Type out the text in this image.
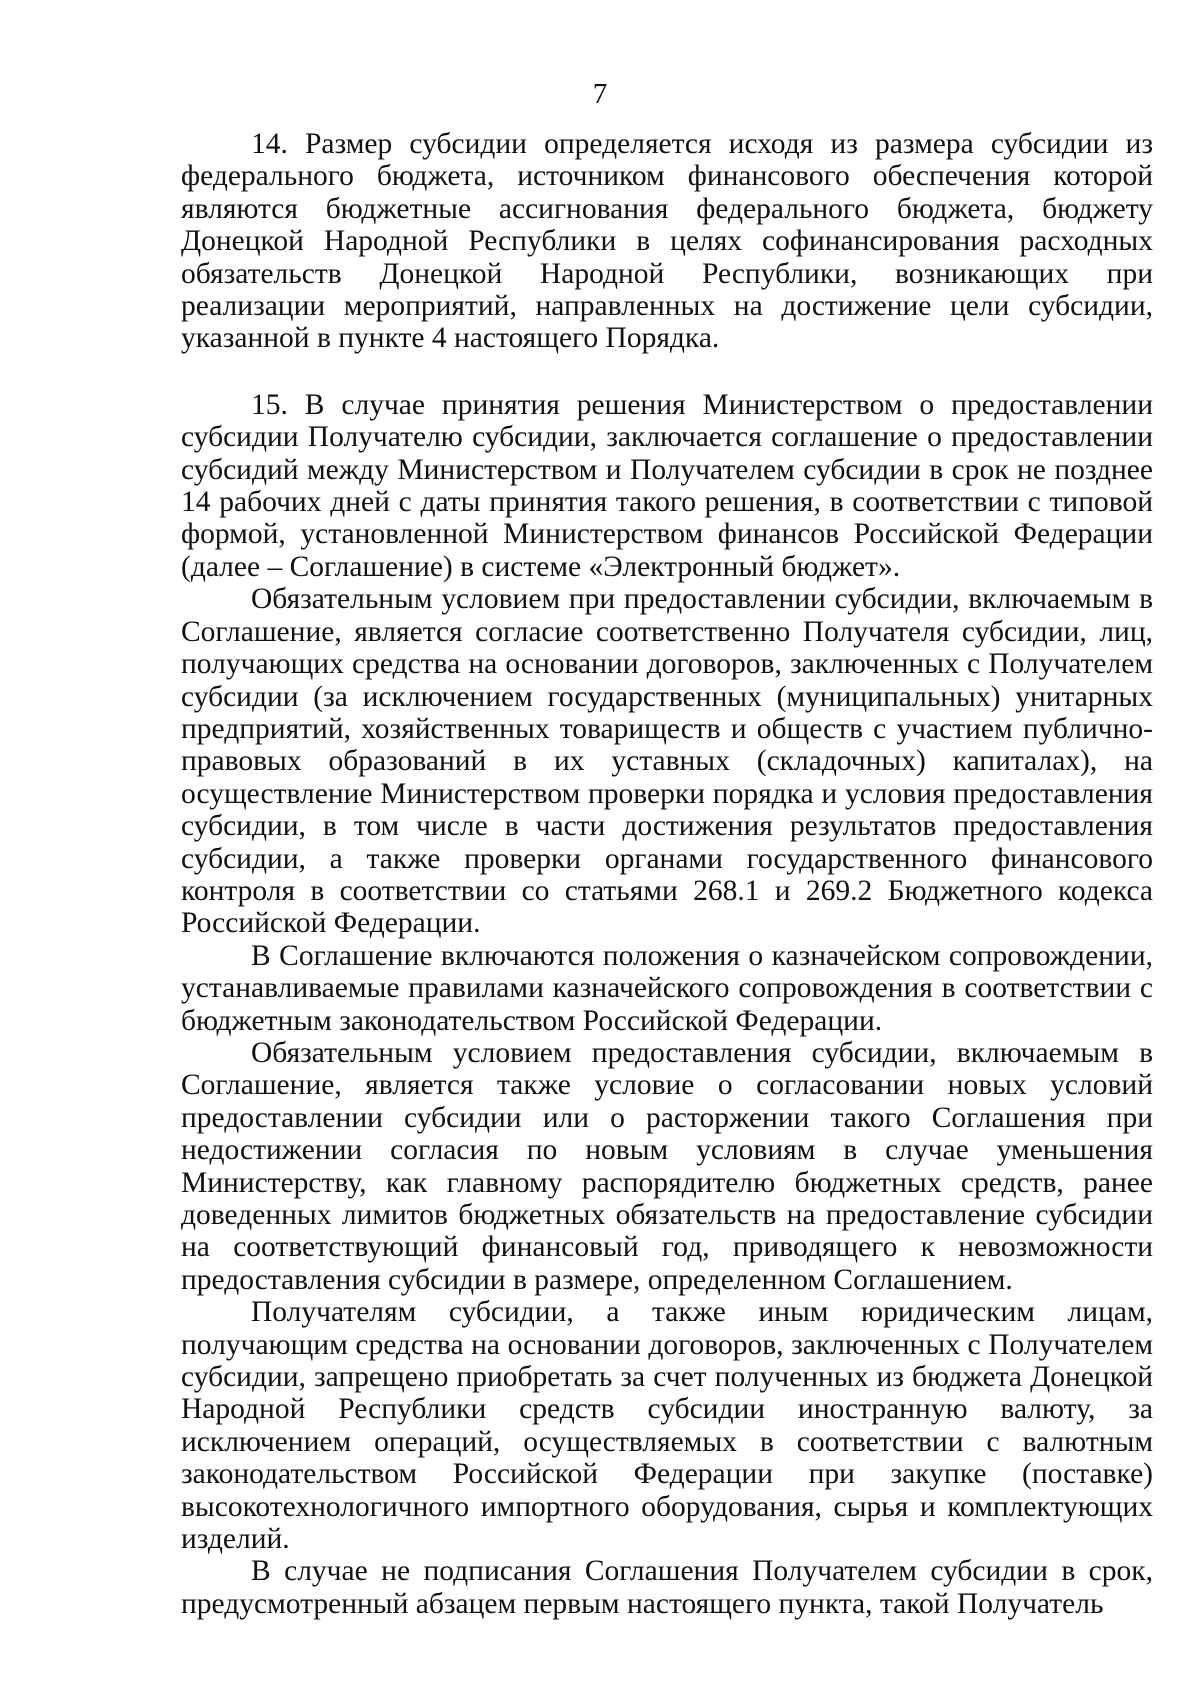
7

14. Размер субсидии определяется исходя из размера субсидии из федерального бюджета, источником финансового обеспечения которой являются бюджетные ассигнования федерального бюджета, бюджету Донецкой Народной Республики в целях софинансирования расходных обязательств Донецкой Народной Республики, возникающих при реализации мероприятий, направленных на достижение цели субсидии, указанной в пункте 4 настоящего Порядка.

15. В случае принятия решения Министерством о предоставлении субсидии Получателю субсидии, заключается соглашение о предоставлении субсидий между Министерством и Получателем субсидии в срок не позднее 14 рабочих дней с даты принятия такого решения, в соответствии с типовой формой, установленной Министерством финансов Российской Федерации (далее – Соглашение) в системе «Электронный бюджет».

Обязательным условием при предоставлении субсидии, включаемым в Соглашение, является согласие соответственно Получателя субсидии, лиц, получающих средства на основании договоров, заключенных с Получателем субсидии (за исключением государственных (муниципальных) унитарных предприятий, хозяйственных товариществ и обществ с участием публично-правовых образований в их уставных (складочных) капиталах), на осуществление Министерством проверки порядка и условия предоставления субсидии, в том числе в части достижения результатов предоставления субсидии, а также проверки органами государственного финансового контроля в соответствии со статьями 268.1 и 269.2 Бюджетного кодекса Российской Федерации.

В Соглашение включаются положения о казначейском сопровождении, устанавливаемые правилами казначейского сопровождения в соответствии с бюджетным законодательством Российской Федерации.

Обязательным условием предоставления субсидии, включаемым в Соглашение, является также условие о согласовании новых условий предоставлении субсидии или о расторжении такого Соглашения при недостижении согласия по новым условиям в случае уменьшения Министерству, как главному распорядителю бюджетных средств, ранее доведенных лимитов бюджетных обязательств на предоставление субсидии на соответствующий финансовый год, приводящего к невозможности предоставления субсидии в размере, определенном Соглашением.

Получателям субсидии, а также иным юридическим лицам, получающим средства на основании договоров, заключенных с Получателем субсидии, запрещено приобретать за счет полученных из бюджета Донецкой Народной Республики средств субсидии иностранную валюту, за исключением операций, осуществляемых в соответствии с валютным законодательством Российской Федерации при закупке (поставке) высокотехнологичного импортного оборудования, сырья и комплектующих изделий.

В случае не подписания Соглашения Получателем субсидии в срок, предусмотренный абзацем первым настоящего пункта, такой Получатель
